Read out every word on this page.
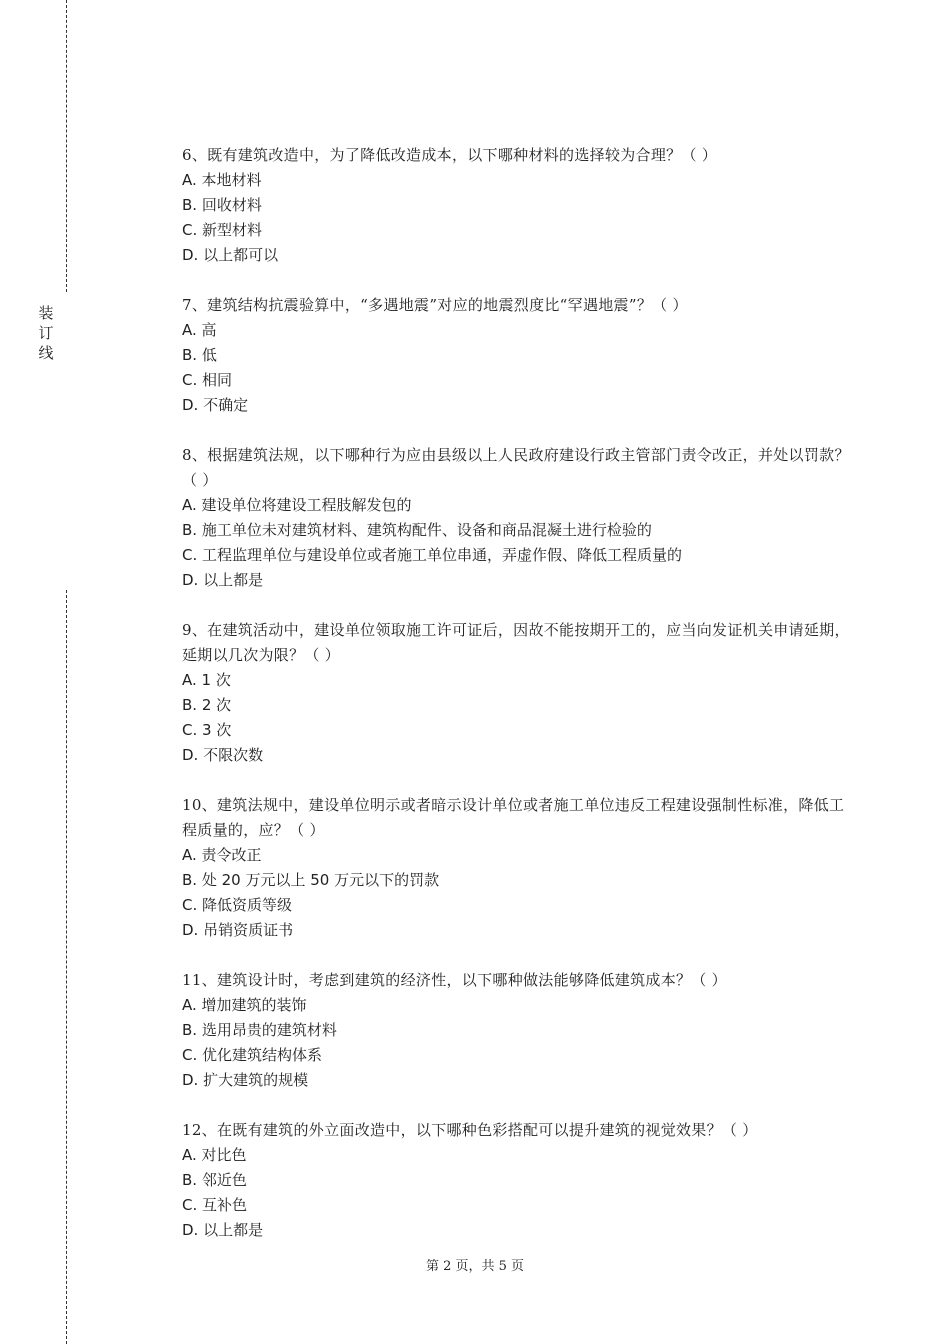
装
订
线
6、既有建筑改造中，为了降低改造成本，以下哪种材料的选择较为合理？（ ）
A. 本地材料
B. 回收材料
C. 新型材料
D. 以上都可以
7、建筑结构抗震验算中，“多遇地震”对应的地震烈度比“罕遇地震”？（ ）
A. 高
B. 低
C. 相同
D. 不确定
8、根据建筑法规，以下哪种行为应由县级以上人民政府建设行政主管部门责令改正，并处以罚款？（ ）
A. 建设单位将建设工程肢解发包的
B. 施工单位未对建筑材料、建筑构配件、设备和商品混凝土进行检验的
C. 工程监理单位与建设单位或者施工单位串通，弄虚作假、降低工程质量的
D. 以上都是
9、在建筑活动中，建设单位领取施工许可证后，因故不能按期开工的，应当向发证机关申请延期，延期以几次为限？（ ）
A. 1 次
B. 2 次
C. 3 次
D. 不限次数
10、建筑法规中，建设单位明示或者暗示设计单位或者施工单位违反工程建设强制性标准，降低工程质量的，应？（ ）
A. 责令改正
B. 处 20 万元以上 50 万元以下的罚款
C. 降低资质等级
D. 吊销资质证书
11、建筑设计时，考虑到建筑的经济性，以下哪种做法能够降低建筑成本？（ ）
A. 增加建筑的装饰
B. 选用昂贵的建筑材料
C. 优化建筑结构体系
D. 扩大建筑的规模
12、在既有建筑的外立面改造中，以下哪种色彩搭配可以提升建筑的视觉效果？（ ）
A. 对比色
B. 邻近色
C. 互补色
D. 以上都是
第 2 页，共 5 页
